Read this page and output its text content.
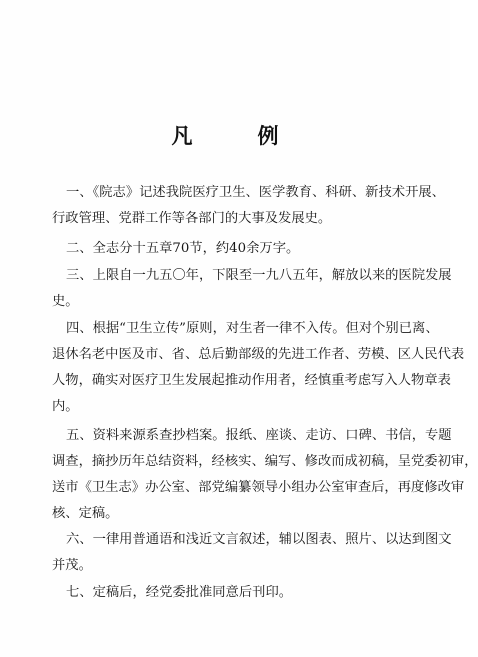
凡　例
一、《院志》记述我院医疗卫生、医学教育、科研、新技术开展、
行政管理、党群工作等各部门的大事及发展史。
二、全志分十五章70节，约40余万字。
三、上限自一九五〇年，下限至一九八五年，解放以来的医院发展
史。
四、根据“卫生立传”原则，对生者一律不入传。但对个别已离、
退休名老中医及市、省、总后勤部级的先进工作者、劳模、区人民代表
人物，确实对医疗卫生发展起推动作用者，经慎重考虑写入人物章表
内。
五、资料来源系查抄档案。报纸、座谈、走访、口碑、书信，专题
调查，摘抄历年总结资料，经核实、编写、修改而成初稿，呈党委初审，
送市《卫生志》办公室、部党编纂领导小组办公室审查后，再度修改审
核、定稿。
六、一律用普通语和浅近文言叙述，辅以图表、照片、以达到图文
并茂。
七、定稿后，经党委批准同意后刊印。
